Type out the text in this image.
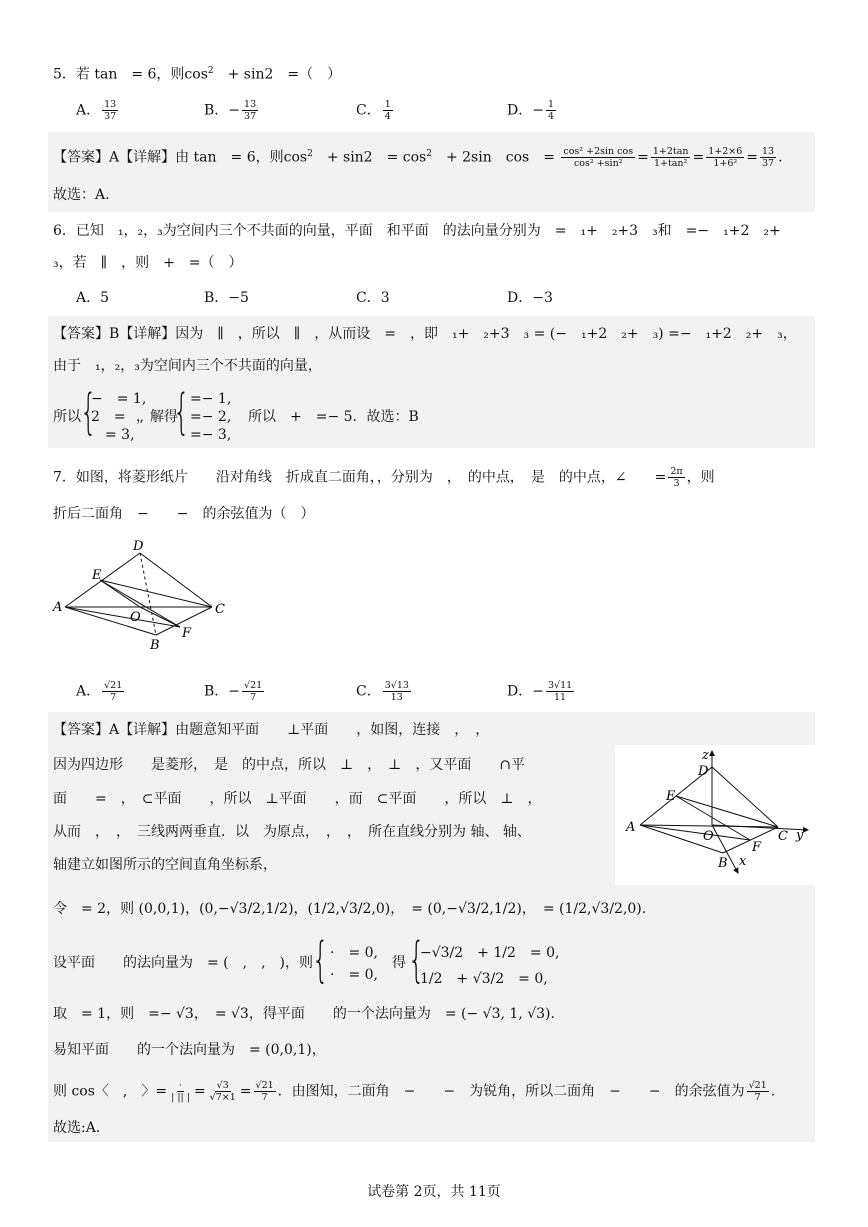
5．若 tan　= 6，则$\cos^2$　+ sin2　=（　）
A． $\frac{13}{37}$	B．− $\frac{13}{37}$	C． $\frac{1}{4}$	D．− $\frac{1}{4}$
【答案】A【详解】由 tan　= 6，则$\cos^2$　+ sin2　= $\cos^2$　+ 2sin　cos　= $\frac{\text{cos² +2sin cos}}{\text{cos² +sin²}} = \frac{1+2\tan}{\text{1+tan²}} = \frac{1+2\times 6}{\text{1+6²}} = \frac{13}{37}$ .
故选：A.
6．已知　₁，₂，₃为空间内三个不共面的向量，平面　和平面　的法向量分别为　=　₁+　₂+3　₃和　=−　₁+2　₂+
₃，若　∥　，则　+　=（　）
A．5	B．−5	C．3	D．−3
【答案】B【详解】因为　∥　，所以　∥　，从而设　=　，即　₁+　₂+3　₃ = (−　₁+2　₂+　₃) =−　₁+2　₂+　₃，
由于　₁，₂，₃为空间内三个不共面的向量，
所以 {
−　= 1,
2　=　,
　= 3,
，解得
{ =− 1,
=− 2,
=− 3,
所以　+　=− 5．故选：B
7．如图，将菱形纸片　　沿对角线　折成直二面角，，分别为　，　的中点，　是　的中点，∠　　= $\frac{2\pi}{3}$ ，则
折后二面角　−　　−　的余弦值为（　）
D
E
A	C
O
F
B
A． $\frac{√21}{7}$	B．− $\frac{√21}{7}$	C． $\frac{3√13}{13}$	D．− $\frac{3√11}{11}$
【答案】A【详解】由题意知平面　　⊥平面　　，如图，连接　，　，
因为四边形　　是菱形，　是　的中点，所以　⊥　，　⊥　，又平面　　∩平
面　　=　，　⊂平面　　，所以　⊥平面　　，而　⊂平面　　，所以　⊥　，
从而　，　，　三线两两垂直．以　为原点，　，　，　所在直线分别为 轴、 轴、
轴建立如图所示的空间直角坐标系，
z
D
E
A
O	C y
F
B x
令　= 2，则 (0,0,1)，(0,−√3/2,1/2)，(1/2,√3/2,0)，　= (0,−√3/2,1/2)，　= (1/2,√3/2,0)．
设平面　　的法向量为　= (　,　,　)，则
{ ·　= 0,
·　= 0,
得 {
−√3/2　+ 1/2　= 0,
1/2　+ √3/2　= 0,
取　= 1，则　=− √3，　= √3，得平面　　的一个法向量为　= (− √3, 1, √3)．
易知平面　　的一个法向量为　= (0,0,1)，
则 cos〈　,　〉= $\frac{\cdot}{| || |} = \frac{√3}{√7\times 1} = \frac{√21}{7}$ ．由图知，二面角　−　　−　为锐角，所以二面角　−　　−　的余弦值为 $\frac{√21}{7}$ .
故选:A．
试卷第 2页，共 11页
